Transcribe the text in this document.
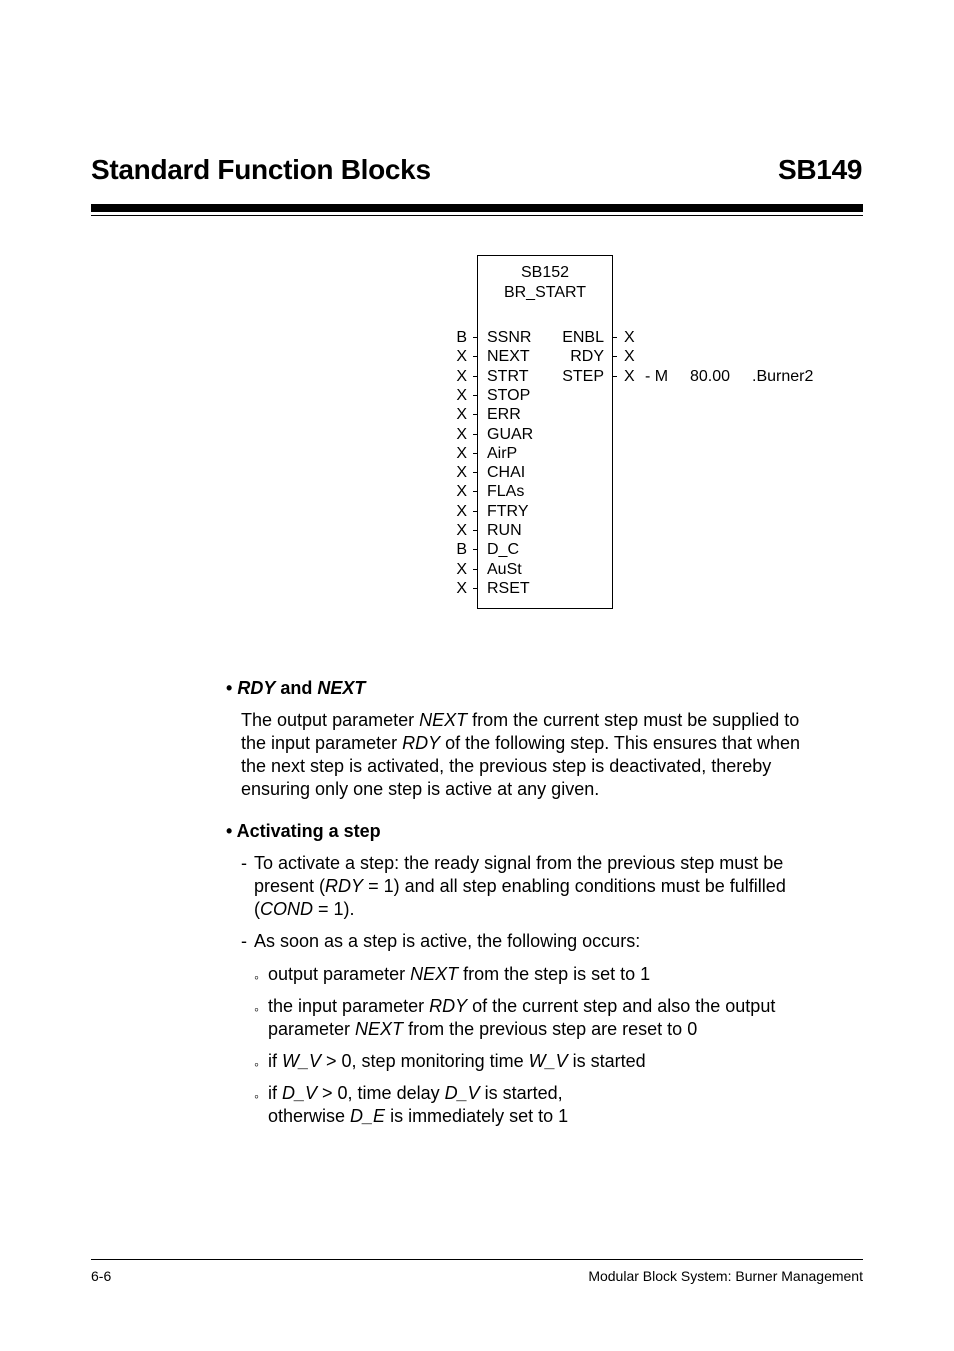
Standard Function Blocks	SB149
SB152
BR_START
B SSNR
X NEXT
X STRT
X STOP
X ERR
X GUAR
X AirP
X CHAI
X FLAs
X FTRY
X RUN
B D_C
X AuSt
X RSET
ENBL X
RDY X
STEP X - M 80.00 .Burner2
• RDY and NEXT
The output parameter NEXT from the current step must be supplied to
the input parameter RDY of the following step. This ensures that when
the next step is activated, the previous step is deactivated, thereby
ensuring only one step is active at any given.
• Activating a step
- To activate a step: the ready signal from the previous step must be
present (RDY = 1) and all step enabling conditions must be fulfilled
(COND = 1).
- As soon as a step is active, the following occurs:
◦ output parameter NEXT from the step is set to 1
◦ the input parameter RDY of the current step and also the output
parameter NEXT from the previous step are reset to 0
◦ if W_V > 0, step monitoring time W_V is started
◦ if D_V > 0, time delay D_V is started,
otherwise D_E is immediately set to 1
6-6	Modular Block System: Burner Management
